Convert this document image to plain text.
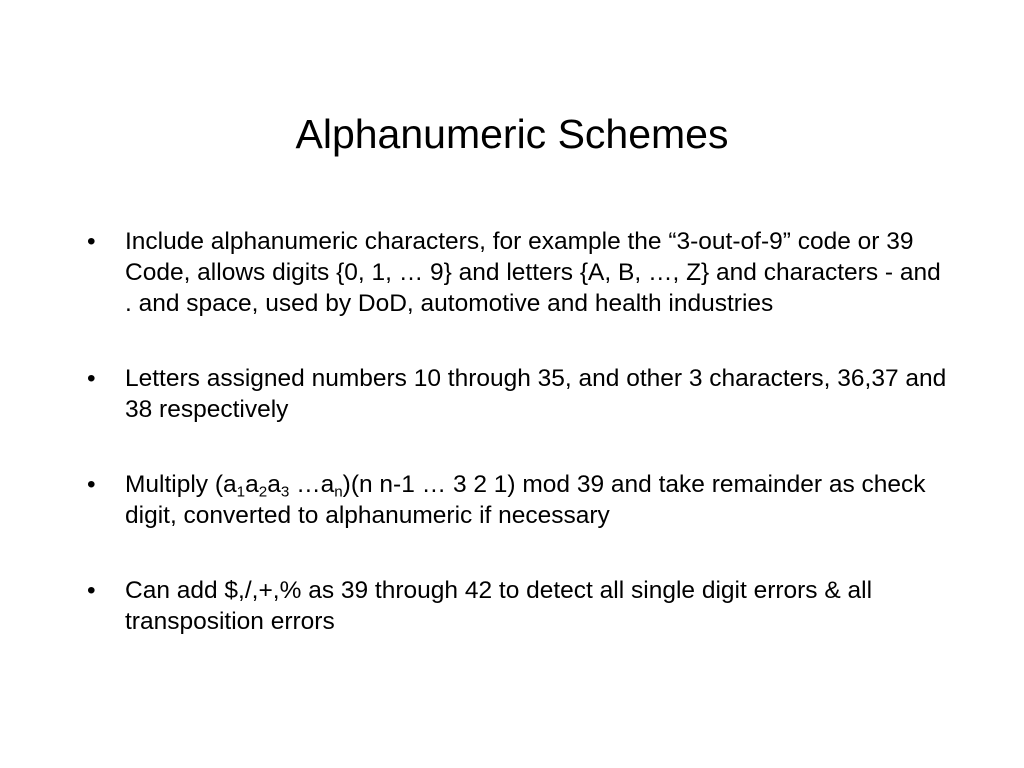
Alphanumeric Schemes
• Include alphanumeric characters, for example the “3-out-of-9” code or 39 Code, allows digits {0, 1, … 9} and letters {A, B, …, Z} and characters - and . and space, used by DoD, automotive and health industries
• Letters assigned numbers 10 through 35, and other 3 characters, 36,37 and 38 respectively
• Multiply ($a_1a_2a_3$ $\dots a_n)(n$ n-1 … 3 2 1) mod 39 and take remainder as check digit, converted to alphanumeric if necessary
• Can add $,/,+,% as 39 through 42 to detect all single digit errors & all transposition errors
